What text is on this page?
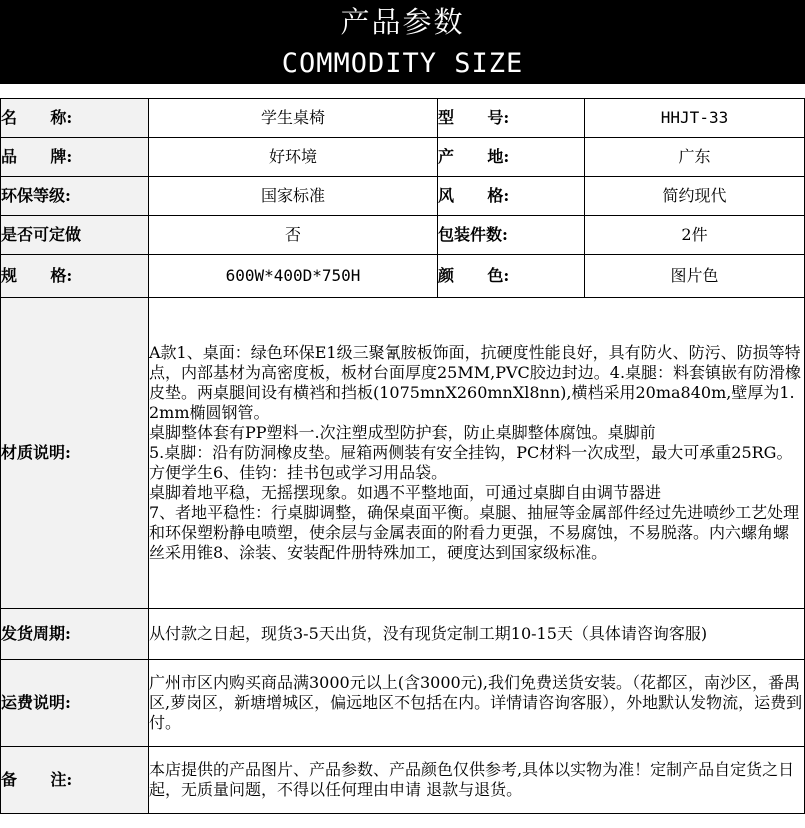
产品参数
COMMODITY SIZE
名      称:	学生桌椅	型      号:	HHJT-33
品      牌:	好环境	产      地:	广东
环保等级:	国家标准	风      格:	简约现代
是否可定做	否	包装件数:	2件
规      格:	600W*400D*750H	颜      色:	图片色
材质说明:	A款1、桌面：绿色环保E1级三聚氰胺板饰面，抗硬度性能良好，具有防火、防污、防损等特点，内部基材为高密度板，板材台面厚度25MM,PVC胶边封边。4.桌腿：料套镇嵌有防滑橡皮垫。两桌腿间设有横裆和挡板(1075mnX260mnXl8nn),横档采用20ma840m,壁厚为1.2mm椭圆钢管。
桌脚整体套有PP塑料一.次注塑成型防护套，防止桌脚整体腐蚀。桌脚前
5.桌脚：沿有防洞橡皮垫。屉箱两侧装有安全挂钩，PC材料一次成型，最大可承重25RG。方便学生6、佳钧：挂书包或学习用品袋。
桌脚着地平稳，无摇摆现象。如遇不平整地面，可通过桌脚自由调节器进
7、者地平稳性：行桌脚调整，确保桌面平衡。桌腿、抽屉等金属部件经过先进喷纱工艺处理和环保塑粉静电喷塑，使余层与金属表面的附看力更强，不易腐蚀，不易脱落。内六螺角螺丝采用锥8、涂装、安装配件册特殊加工，硬度达到国家级标准。		

发货周期:	从付款之日起，现货3-5天出货，没有现货定制工期10-15天（具体请咨询客服)		
运费说明:	广州市区内购买商品满3000元以上(含3000元),我们免费送货安装。（花都区，南沙区，番禺区,萝岗区，新塘增城区，偏远地区不包括在内。详情请咨询客服），外地默认发物流，运费到付。		
备      注:	本店提供的产品图片、产品参数、产品颜色仅供参考,具体以实物为准！定制产品自定货之日起，无质量问题，不得以任何理由申请 退款与退货。		
